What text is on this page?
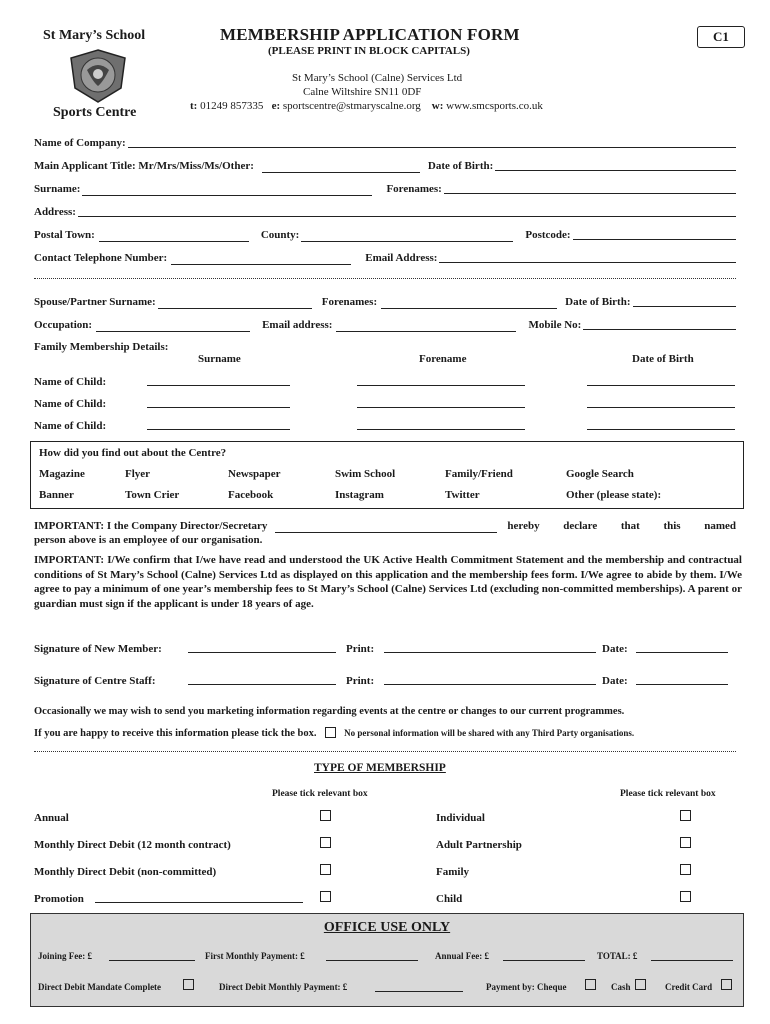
St Mary’s School
Sports Centre
MEMBERSHIP APPLICATION FORM
(PLEASE PRINT IN BLOCK CAPITALS)
C1
St Mary’s School (Calne) Services Ltd
Calne Wiltshire SN11 0DF
t: 01249 857335 e: sportscentre@stmaryscalne.org w: www.smcsports.co.uk
Name of Company:
Main Applicant Title: Mr/Mrs/Miss/Ms/Other:	Date of Birth:
Surname:	Forenames:
Address:
Postal Town:	County:	Postcode:
Contact Telephone Number:	Email Address:
Spouse/Partner Surname:	Forenames:	Date of Birth:
Occupation:	Email address:	Mobile No:
Family Membership Details:
Surname	Forename	Date of Birth
Name of Child:
Name of Child:
Name of Child:
How did you find out about the Centre?
Magazine	Flyer	Newspaper	Swim School	Family/Friend	Google Search
Banner	Town Crier	Facebook	Instagram	Twitter	Other (please state):
IMPORTANT: I the Company Director/Secretary	hereby declare that this named
person above is an employee of our organisation.
IMPORTANT: I/We confirm that I/we have read and understood the UK Active Health Commitment Statement and the membership and contractual conditions of St Mary’s School (Calne) Services Ltd as displayed on this application and the membership fees form. I/We agree to abide by them. I/We agree to pay a minimum of one year’s membership fees to St Mary’s School (Calne) Services Ltd (excluding non-committed memberships). A parent or guardian must sign if the applicant is under 18 years of age.
Signature of New Member:	Print:	Date:
Signature of Centre Staff:	Print:	Date:
Occasionally we may wish to send you marketing information regarding events at the centre or changes to our current programmes.
If you are happy to receive this information please tick the box.	No personal information will be shared with any Third Party organisations.
TYPE OF MEMBERSHIP
Please tick relevant box	Please tick relevant box
Annual	Individual
Monthly Direct Debit (12 month contract)	Adult Partnership
Monthly Direct Debit (non-committed)	Family
Promotion	Child
OFFICE USE ONLY
Joining Fee: £	First Monthly Payment: £	Annual Fee: £	TOTAL: £
Direct Debit Mandate Complete	Direct Debit Monthly Payment: £	Payment by: Cheque	Cash	Credit Card
